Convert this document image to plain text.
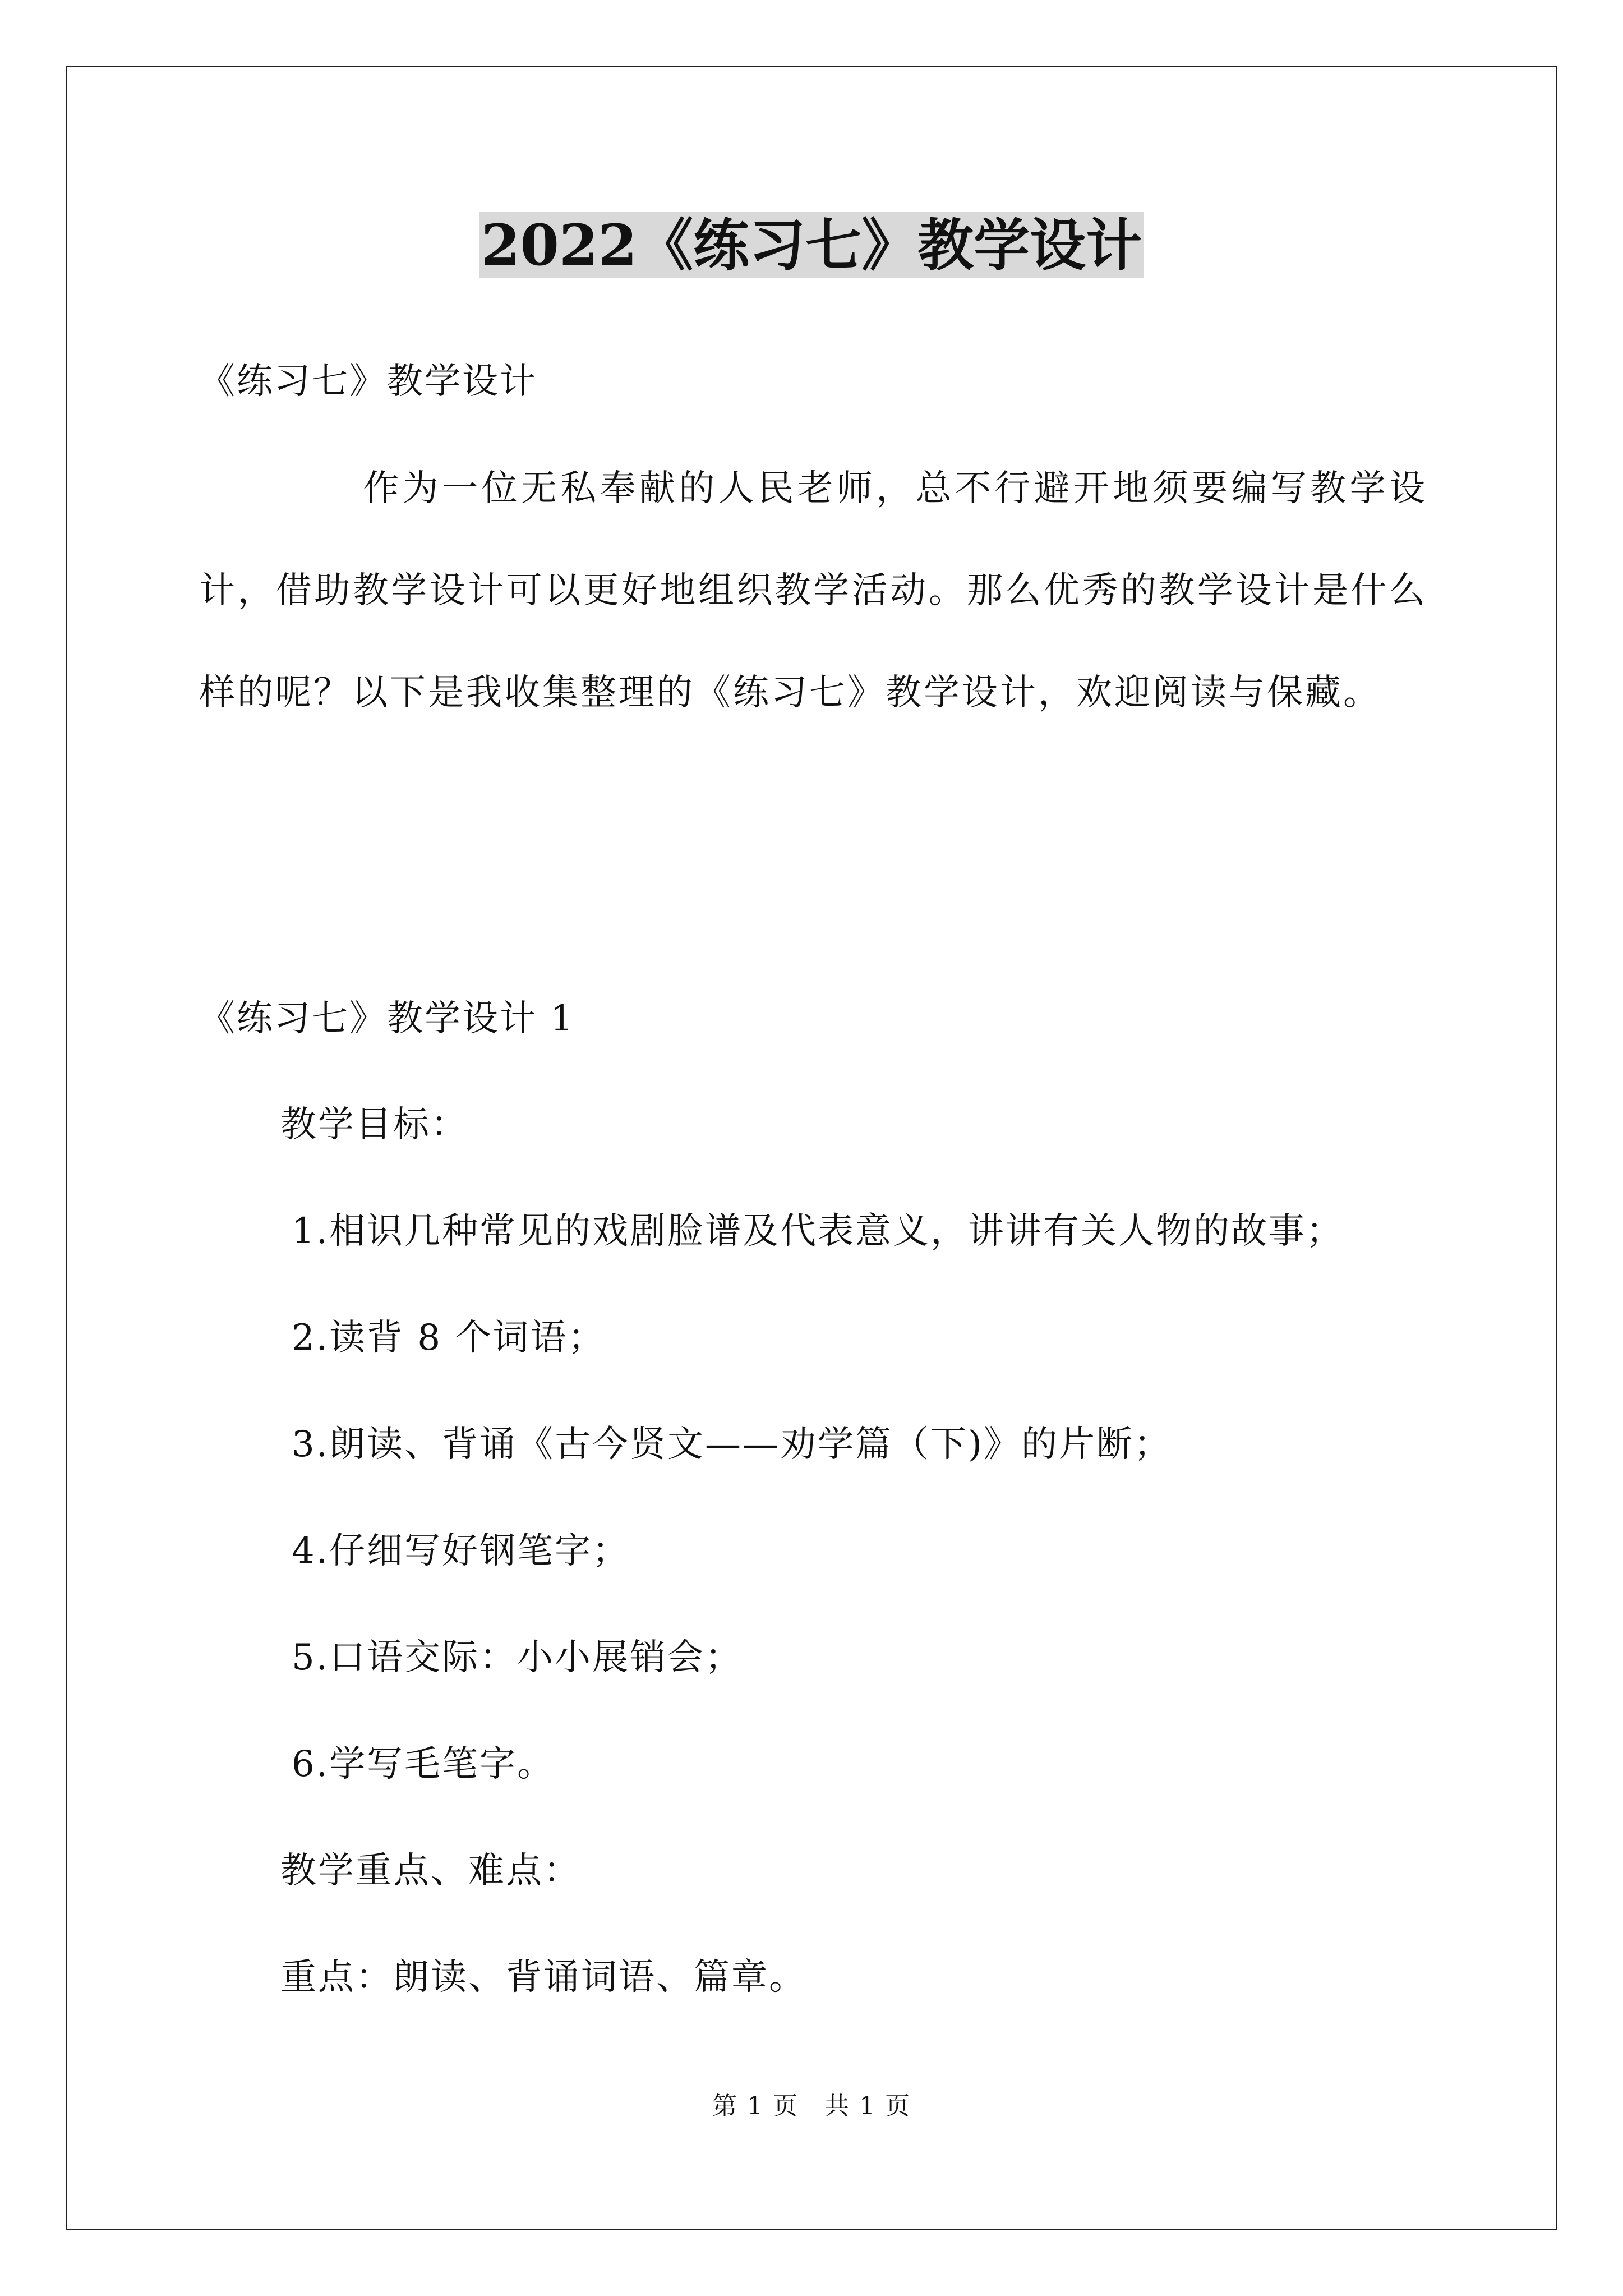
2022《练习七》教学设计
《练习七》教学设计
作为一位无私奉献的人民老师，总不行避开地须要编写教学设计，借助教学设计可以更好地组织教学活动。那么优秀的教学设计是什么样的呢？以下是我收集整理的《练习七》教学设计，欢迎阅读与保藏。
《练习七》教学设计 1
教学目标：
1.相识几种常见的戏剧脸谱及代表意义，讲讲有关人物的故事；
2.读背 8 个词语；
3.朗读、背诵《古今贤文——劝学篇（下)》的片断；
4.仔细写好钢笔字；
5.口语交际：小小展销会；
6.学写毛笔字。
教学重点、难点：
重点：朗读、背诵词语、篇章。
第 1 页　共 1 页
